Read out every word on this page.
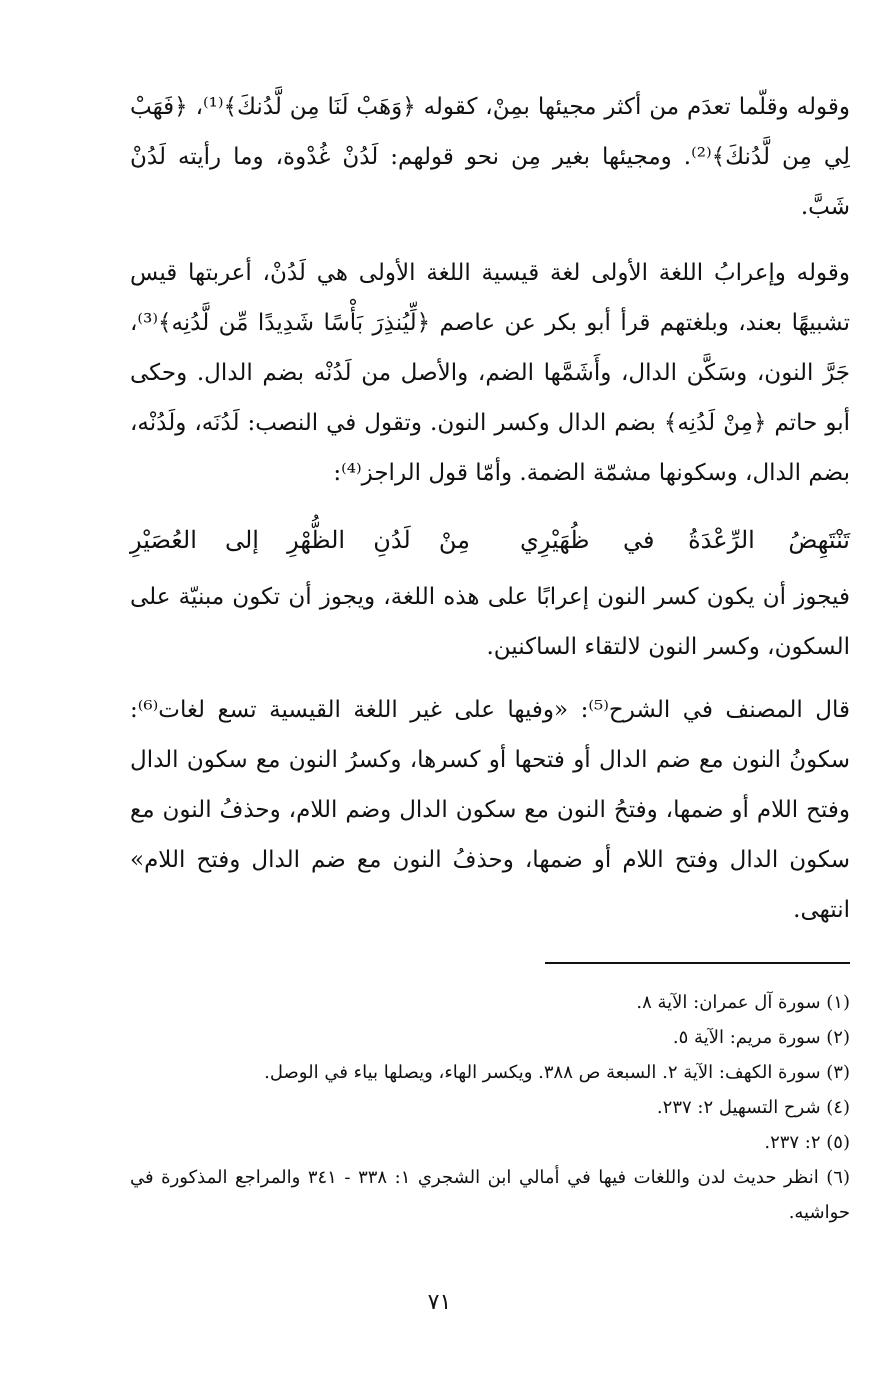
وقوله وقلّما تعدَم من أكثر مجيئها بمِنْ، كقوله ﴿وَهَبْ لَنَا مِن لَّدُنكَ﴾⁽¹⁾، ﴿فَهَبْ لِي مِن لَّدُنكَ﴾⁽²⁾. ومجيئها بغير مِن نحو قولهم: لَدُنْ غُدْوة، وما رأيته لَدُنْ شَبَّ.

وقوله وإعرابُ اللغة الأولى لغة قيسية اللغة الأولى هي لَدُنْ، أعربتها قيس تشبيهًا بعند، وبلغتهم قرأ أبو بكر عن عاصم ﴿لِّيُنذِرَ بَأْسًا شَدِيدًا مِّن لَّدُنِه﴾⁽³⁾، جَرَّ النون، وسَكَّن الدال، وأَشَمَّها الضم، والأصل من لَدُنْه بضم الدال. وحكى أبو حاتم ﴿مِنْ لَدُنِه﴾ بضم الدال وكسر النون. وتقول في النصب: لَدُنَه، ولَدُنْه، بضم الدال، وسكونها مشمّة الضمة. وأمّا قول الراجز⁽⁴⁾:

تَنْتَهِضُ
الرِّعْدَةُ
في
ظُهَيْرِي
مِنْ
لَدُنِ
الظُّهْرِ
إلى
العُصَيْرِ

فيجوز أن يكون كسر النون إعرابًا على هذه اللغة، ويجوز أن تكون مبنيّة على السكون، وكسر النون لالتقاء الساكنين.

قال المصنف في الشرح⁽⁵⁾: «وفيها على غير اللغة القيسية تسع لغات⁽⁶⁾: سكونُ النون مع ضم الدال أو فتحها أو كسرها، وكسرُ النون مع سكون الدال وفتح اللام أو ضمها، وفتحُ النون مع سكون الدال وضم اللام، وحذفُ النون مع سكون الدال وفتح اللام أو ضمها، وحذفُ النون مع ضم الدال وفتح اللام» انتهى.

(١) سورة آل عمران: الآية ٨.

(٢) سورة مريم: الآية ٥.

(٣) سورة الكهف: الآية ٢. السبعة ص ٣٨٨. ويكسر الهاء، ويصلها بياء في الوصل.

(٤) شرح التسهيل ٢: ٢٣٧.

(٥) ٢: ٢٣٧.

(٦) انظر حديث لدن واللغات فيها في أمالي ابن الشجري ١: ٣٣٨ - ٣٤١ والمراجع المذكورة في حواشيه.

٧١
